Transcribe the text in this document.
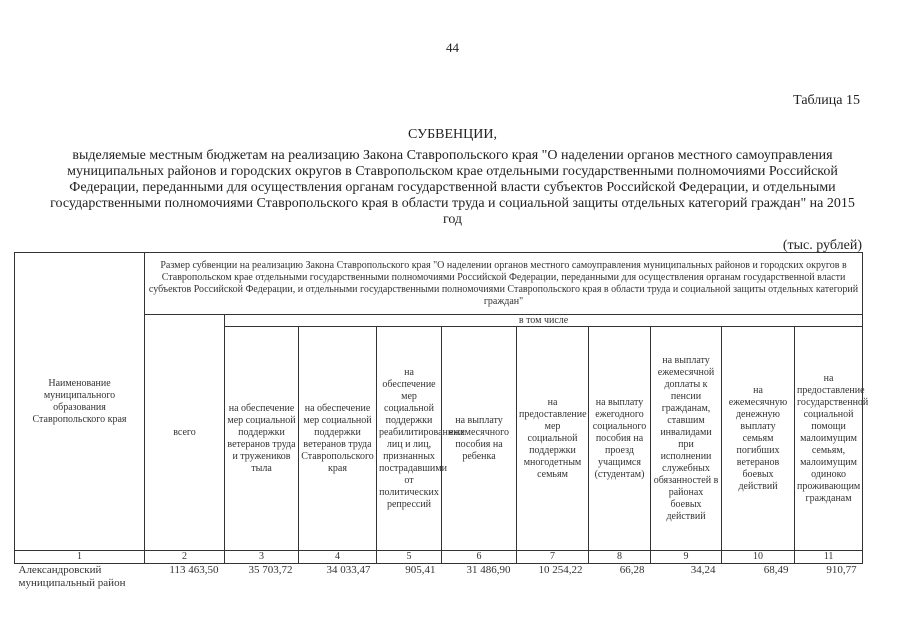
44
Таблица 15
СУБВЕНЦИИ,
выделяемые местным бюджетам на реализацию Закона Ставропольского края "О наделении органов местного самоуправления муниципальных районов и городских округов в Ставропольском крае отдельными государственными полномочиями Российской Федерации, переданными для осуществления органам государственной власти субъектов Российской Федерации, и отдельными государственными полномочиями Ставропольского края в области труда и социальной защиты отдельных категорий граждан" на 2015 год
(тыс. рублей)
Наименование муниципального образования Ставропольского края	Размер субвенции на реализацию Закона Ставропольского края "О наделении органов местного самоуправления муниципальных районов и городских округов в Ставропольском крае отдельными государственными полномочиями Российской Федерации, переданными для осуществления органам государственной власти субъектов Российской Федерации, и отдельными государственными полномочиями Ставропольского края в области труда и социальной защиты отдельных категорий граждан"									
	всего	в том числе								
		на обеспечение мер социальной поддержки ветеранов труда и тружеников тыла	на обеспечение мер социальной поддержки ветеранов труда Ставропольского края	на обеспечение мер социальной поддержки реабилитированных лиц и лиц, признанных пострадавшими от политических репрессий	на выплату ежемесячного пособия на ребенка	на предоставление мер социальной поддержки многодетным семьям	на выплату ежегодного социального пособия на проезд учащимся (студентам)	на выплату ежемесячной доплаты к пенсии гражданам, ставшим инвалидами при исполнении служебных обязанностей в районах боевых действий	на ежемесячную денежную выплату семьям погибших ветеранов боевых действий	на предоставление государственной социальной помощи малоимущим семьям, малоимущим одиноко проживающим гражданам
1	2	3	4	5	6	7	8	9	10	11
Александровский муниципальный район	113 463,50	35 703,72	34 033,47	905,41	31 486,90	10 254,22	66,28	34,24	68,49	910,77
